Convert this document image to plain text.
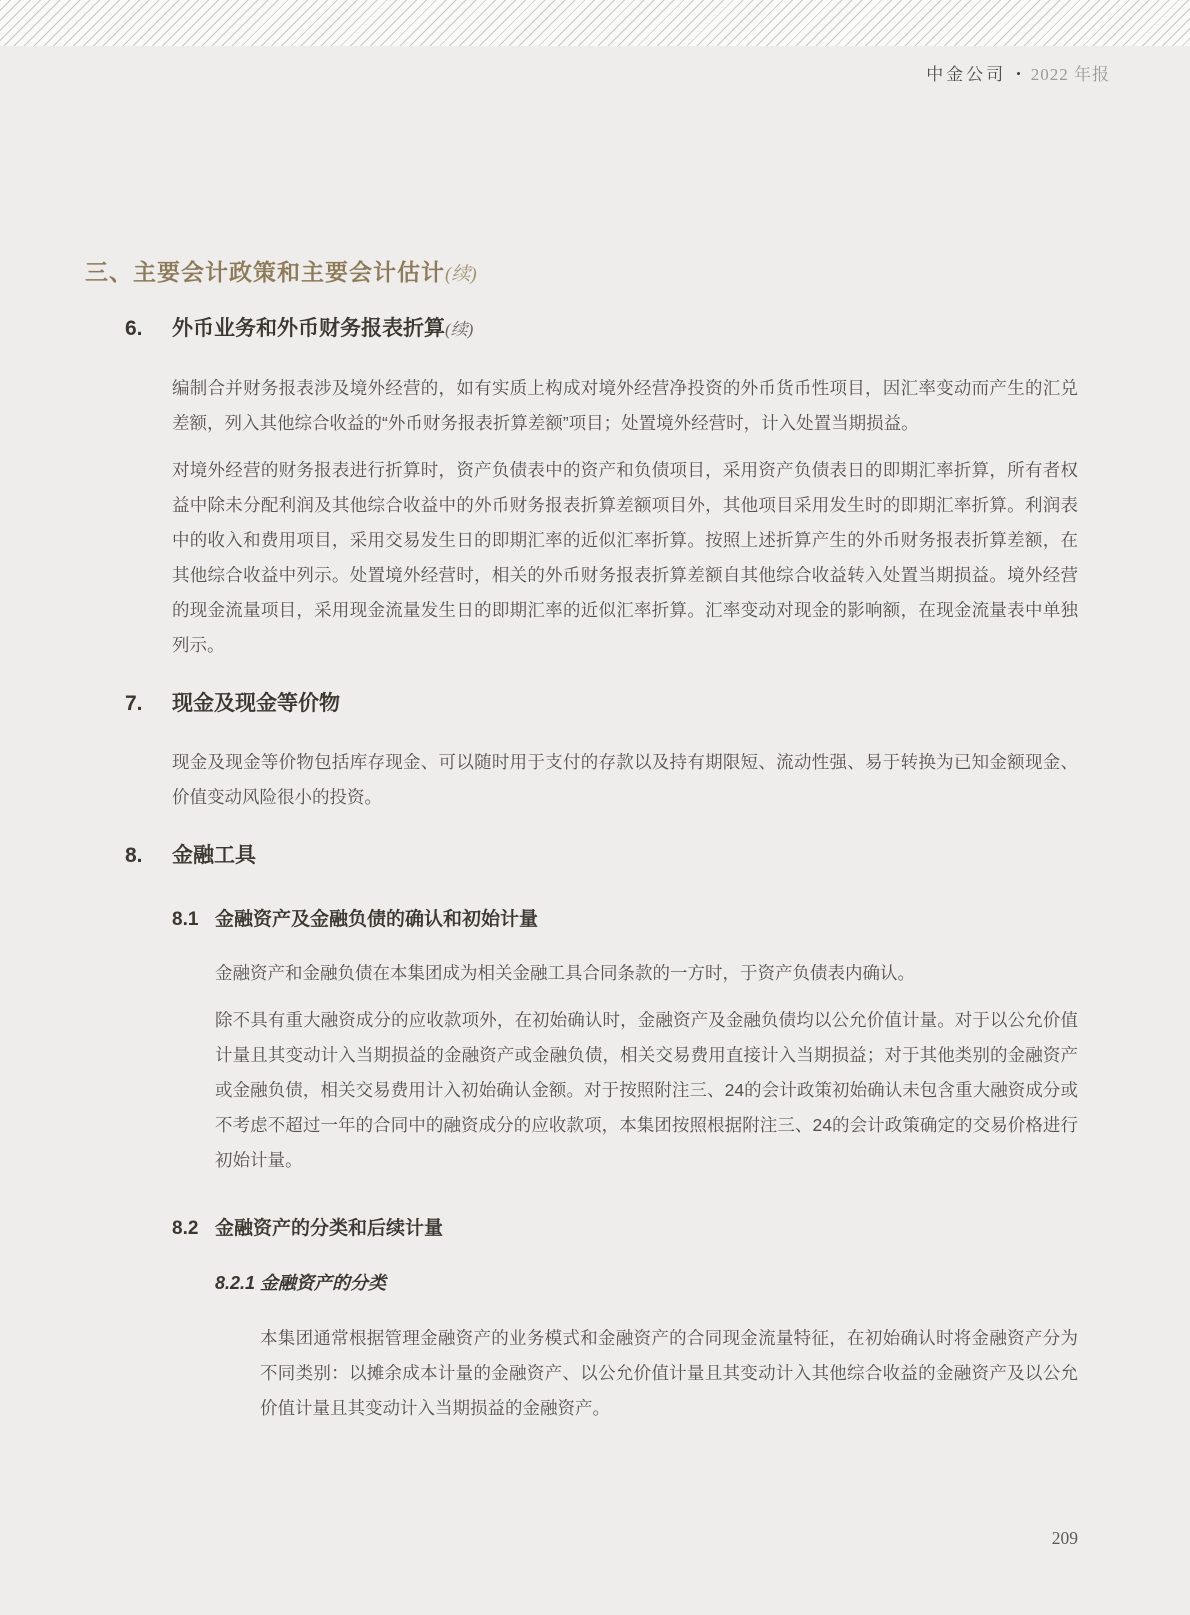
中金公司 • 2022 年报
三、主要会计政策和主要会计估计(续)
6.	外币业务和外币财务报表折算(续)

编制合并财务报表涉及境外经营的，如有实质上构成对境外经营净投资的外币货币性项目，因汇率变动而产生的汇兑差额，列入其他综合收益的“外币财务报表折算差额”项目；处置境外经营时，计入处置当期损益。

对境外经营的财务报表进行折算时，资产负债表中的资产和负债项目，采用资产负债表日的即期汇率折算，所有者权益中除未分配利润及其他综合收益中的外币财务报表折算差额项目外，其他项目采用发生时的即期汇率折算。利润表中的收入和费用项目，采用交易发生日的即期汇率的近似汇率折算。按照上述折算产生的外币财务报表折算差额，在其他综合收益中列示。处置境外经营时，相关的外币财务报表折算差额自其他综合收益转入处置当期损益。境外经营的现金流量项目，采用现金流量发生日的即期汇率的近似汇率折算。汇率变动对现金的影响额，在现金流量表中单独列示。

7.	现金及现金等价物

现金及现金等价物包括库存现金、可以随时用于支付的存款以及持有期限短、流动性强、易于转换为已知金额现金、价值变动风险很小的投资。

8.	金融工具
8.1 金融资产及金融负债的确认和初始计量

金融资产和金融负债在本集团成为相关金融工具合同条款的一方时，于资产负债表内确认。

除不具有重大融资成分的应收款项外，在初始确认时，金融资产及金融负债均以公允价值计量。对于以公允价值计量且其变动计入当期损益的金融资产或金融负债，相关交易费用直接计入当期损益；对于其他类别的金融资产或金融负债，相关交易费用计入初始确认金额。对于按照附注三、24的会计政策初始确认未包含重大融资成分或不考虑不超过一年的合同中的融资成分的应收款项，本集团按照根据附注三、24的会计政策确定的交易价格进行初始计量。

8.2 金融资产的分类和后续计量
8.2.1 金融资产的分类

本集团通常根据管理金融资产的业务模式和金融资产的合同现金流量特征，在初始确认时将金融资产分为不同类别：以摊余成本计量的金融资产、以公允价值计量且其变动计入其他综合收益的金融资产及以公允价值计量且其变动计入当期损益的金融资产。

209
